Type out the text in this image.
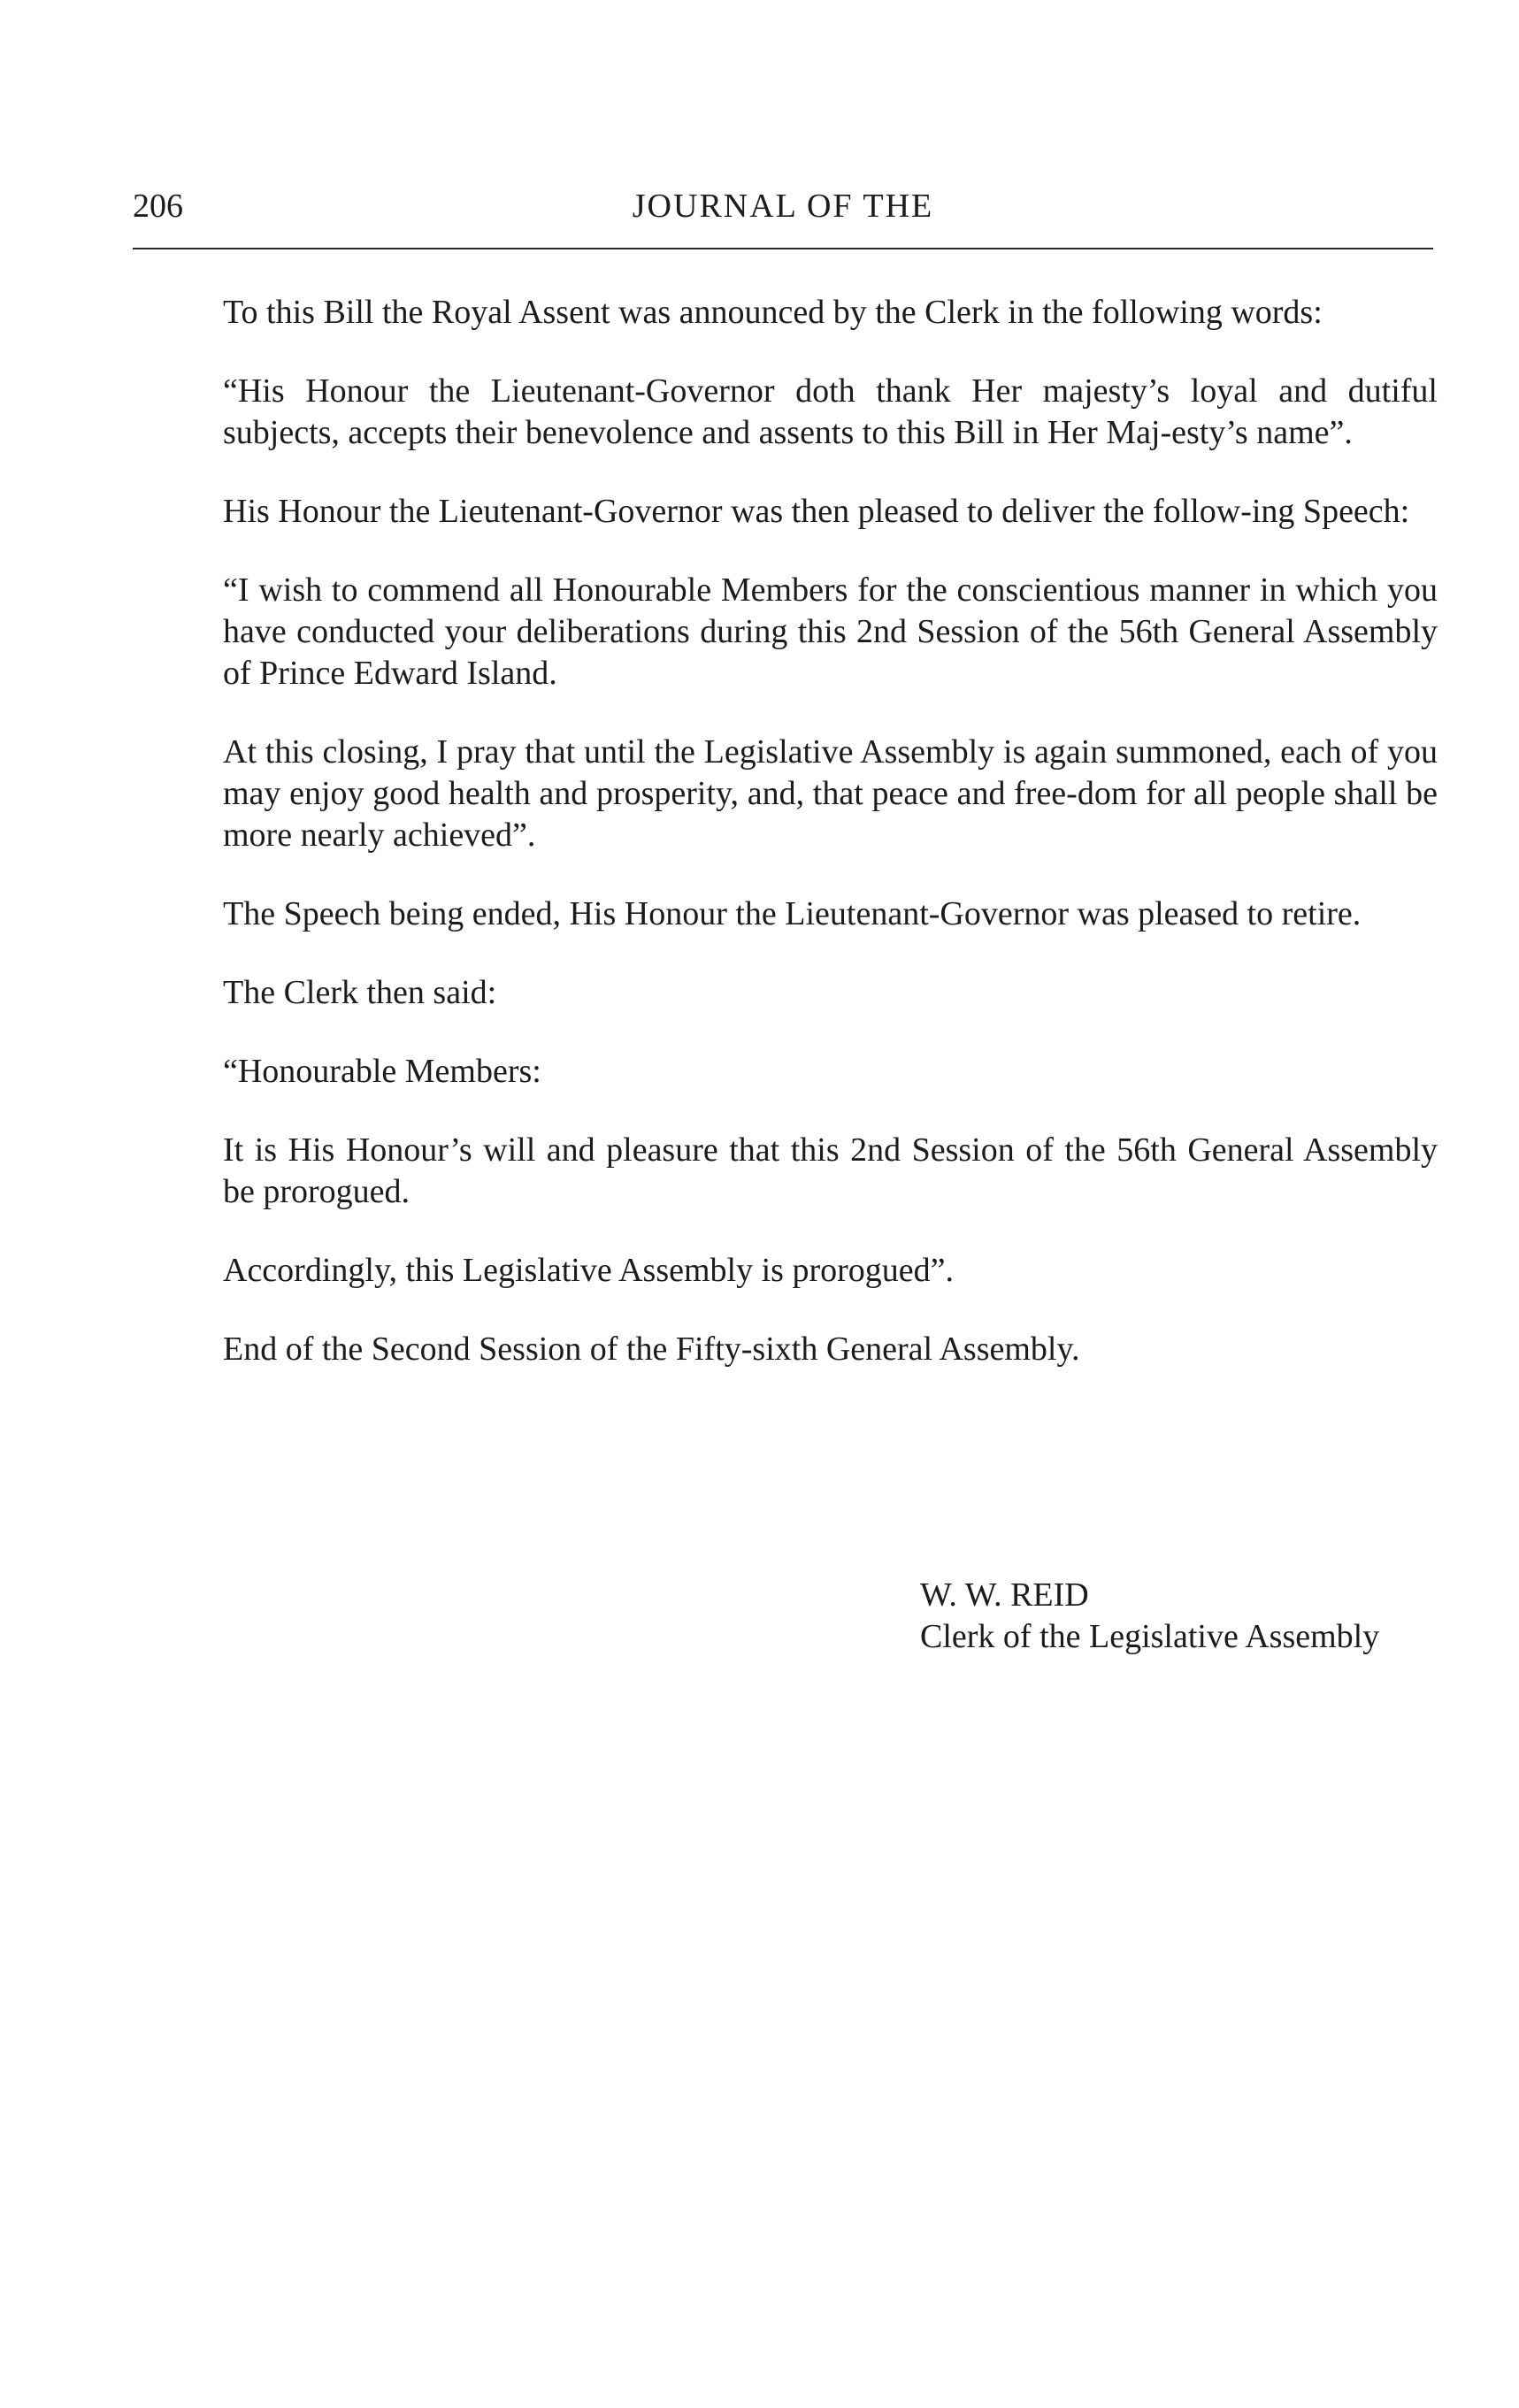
206	JOURNAL OF THE

To this Bill the Royal Assent was announced by the Clerk in the following words:

“His Honour the Lieutenant-Governor doth thank Her majesty’s loyal and dutiful subjects, accepts their benevolence and assents to this Bill in Her Maj-esty’s name”.

His Honour the Lieutenant-Governor was then pleased to deliver the follow-ing Speech:

“I wish to commend all Honourable Members for the conscientious manner in which you have conducted your deliberations during this 2nd Session of the 56th General Assembly of Prince Edward Island.

At this closing, I pray that until the Legislative Assembly is again summoned, each of you may enjoy good health and prosperity, and, that peace and free-dom for all people shall be more nearly achieved”.

The Speech being ended, His Honour the Lieutenant-Governor was pleased to retire.

The Clerk then said:

“Honourable Members:

It is His Honour’s will and pleasure that this 2nd Session of the 56th General Assembly be prorogued.

Accordingly, this Legislative Assembly is prorogued”.

End of the Second Session of the Fifty-sixth General Assembly.

W. W. REID
Clerk of the Legislative Assembly
